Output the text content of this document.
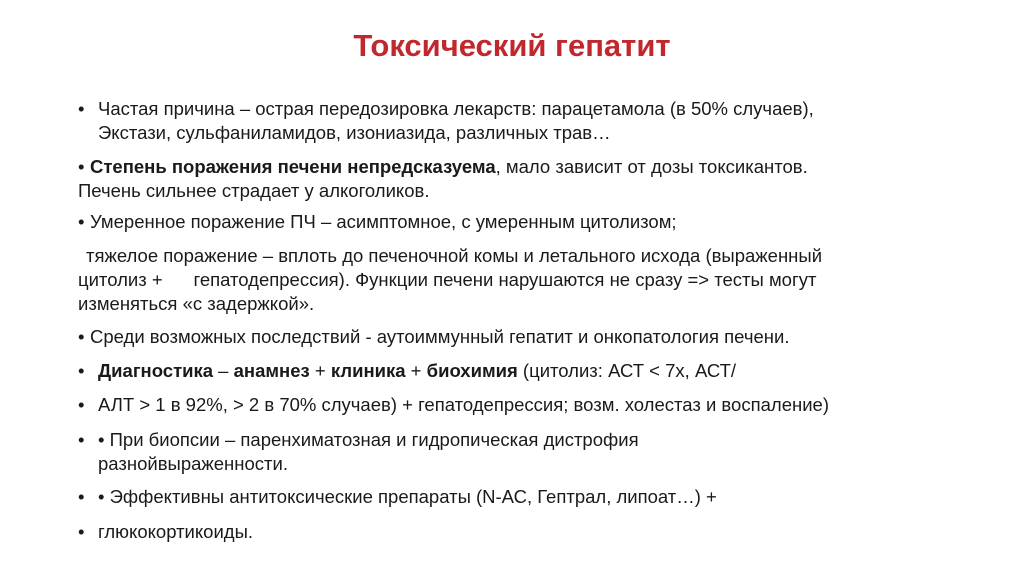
Токсический гепатит
• Частая причина – острая передозировка лекарств: парацетамола (в 50% случаев),
Экстази, сульфаниламидов, изониазида, различных трав…
• Степень поражения печени непредсказуема, мало зависит от дозы токсикантов.
Печень сильнее страдает у алкоголиков.
• Умеренное поражение ПЧ – асимптомное, с умеренным цитолизом;
тяжелое поражение – вплоть до печеночной комы и летального исхода (выраженный
цитолиз +      гепатодепрессия). Функции печени нарушаются не сразу => тесты могут
изменяться «с задержкой».
• Среди возможных последствий - аутоиммунный гепатит и онкопатология печени.
• Диагностика – анамнез + клиника + биохимия (цитолиз: АСТ < 7х, АСТ/
• АЛТ > 1 в 92%, > 2 в 70% случаев) + гепатодепрессия; возм. холестаз и воспаление)
• • При биопсии – паренхиматозная и гидропическая дистрофия
разнойвыраженности.
• • Эффективны антитоксические препараты (N-АС, Гептрал, липоат…) +
• глюкокортикоиды.
